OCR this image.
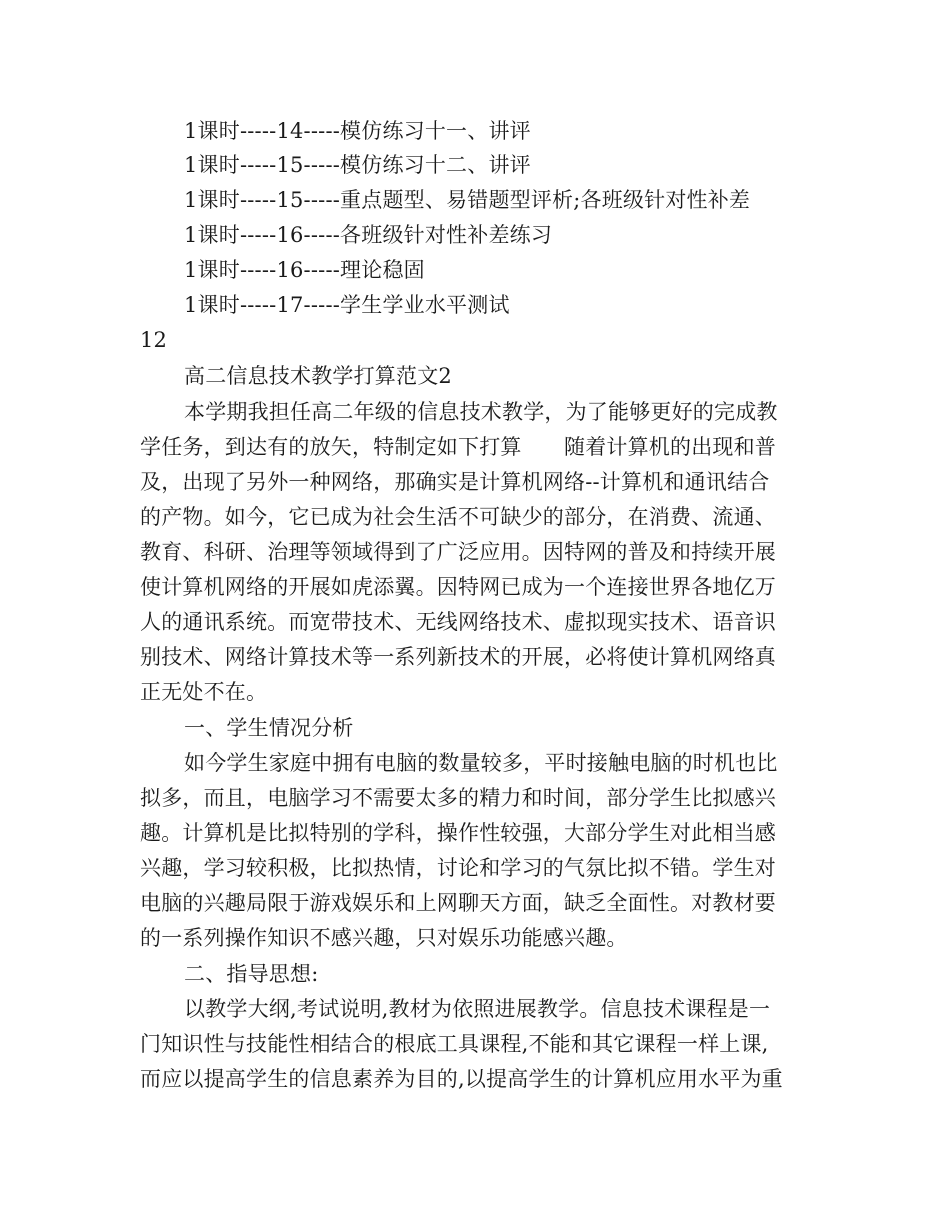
1课时-----14-----模仿练习十一、讲评
1课时-----15-----模仿练习十二、讲评
1课时-----15-----重点题型、易错题型评析;各班级针对性补差
1课时-----16-----各班级针对性补差练习
1课时-----16-----理论稳固
1课时-----17-----学生学业水平测试
12
高二信息技术教学打算范文2
本学期我担任高二年级的信息技术教学，为了能够更好的完成教
学任务，到达有的放矢，特制定如下打算　　随着计算机的出现和普
及，出现了另外一种网络，那确实是计算机网络--计算机和通讯结合
的产物。如今，它已成为社会生活不可缺少的部分，在消费、流通、
教育、科研、治理等领域得到了广泛应用。因特网的普及和持续开展
使计算机网络的开展如虎添翼。因特网已成为一个连接世界各地亿万
人的通讯系统。而宽带技术、无线网络技术、虚拟现实技术、语音识
别技术、网络计算技术等一系列新技术的开展，必将使计算机网络真
正无处不在。
一、学生情况分析
如今学生家庭中拥有电脑的数量较多，平时接触电脑的时机也比
拟多，而且，电脑学习不需要太多的精力和时间，部分学生比拟感兴
趣。计算机是比拟特别的学科，操作性较强，大部分学生对此相当感
兴趣，学习较积极，比拟热情，讨论和学习的气氛比拟不错。学生对
电脑的兴趣局限于游戏娱乐和上网聊天方面，缺乏全面性。对教材要
的一系列操作知识不感兴趣，只对娱乐功能感兴趣。
二、指导思想:
以教学大纲,考试说明,教材为依照进展教学。信息技术课程是一
门知识性与技能性相结合的根底工具课程,不能和其它课程一样上课,
而应以提高学生的信息素养为目的,以提高学生的计算机应用水平为重
